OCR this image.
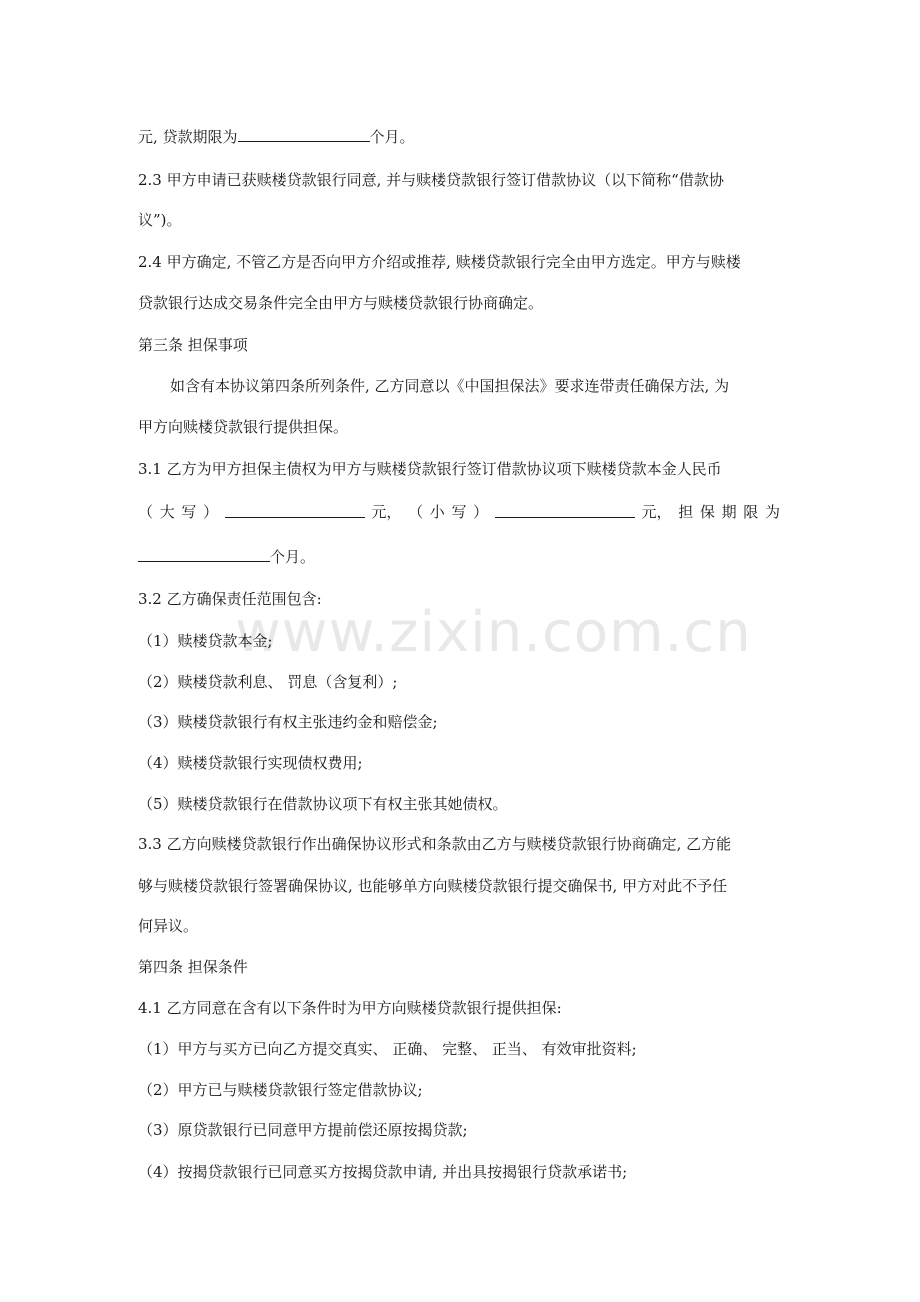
www.zixin.com.cn
元, 贷款期限为	个月。
2.3 甲方申请已获赎楼贷款银行同意, 并与赎楼贷款银行签订借款协议（以下简称“借款协
议”)。
2.4 甲方确定, 不管乙方是否向甲方介绍或推荐, 赎楼贷款银行完全由甲方选定。甲方与赎楼
贷款银行达成交易条件完全由甲方与赎楼贷款银行协商确定。
第三条 担保事项
如含有本协议第四条所列条件, 乙方同意以《中国担保法》要求连带责任确保方法, 为
甲方向赎楼贷款银行提供担保。
3.1 乙方为甲方担保主债权为甲方与赎楼贷款银行签订借款协议项下赎楼贷款本金人民币
（ 大 写 ）	元， （ 小 写 ）	元， 担 保 期 限 为
个月。
3.2 乙方确保责任范围包含:
（1）赎楼贷款本金;
（2）赎楼贷款利息、 罚息（含复利）;
（3）赎楼贷款银行有权主张违约金和赔偿金;
（4）赎楼贷款银行实现债权费用;
（5）赎楼贷款银行在借款协议项下有权主张其她债权。
3.3 乙方向赎楼贷款银行作出确保协议形式和条款由乙方与赎楼贷款银行协商确定, 乙方能
够与赎楼贷款银行签署确保协议, 也能够单方向赎楼贷款银行提交确保书, 甲方对此不予任
何异议。
第四条 担保条件
4.1 乙方同意在含有以下条件时为甲方向赎楼贷款银行提供担保:
（1）甲方与买方已向乙方提交真实、 正确、 完整、 正当、 有效审批资料;
（2）甲方已与赎楼贷款银行签定借款协议;
（3）原贷款银行已同意甲方提前偿还原按揭贷款;
（4）按揭贷款银行已同意买方按揭贷款申请, 并出具按揭银行贷款承诺书;
